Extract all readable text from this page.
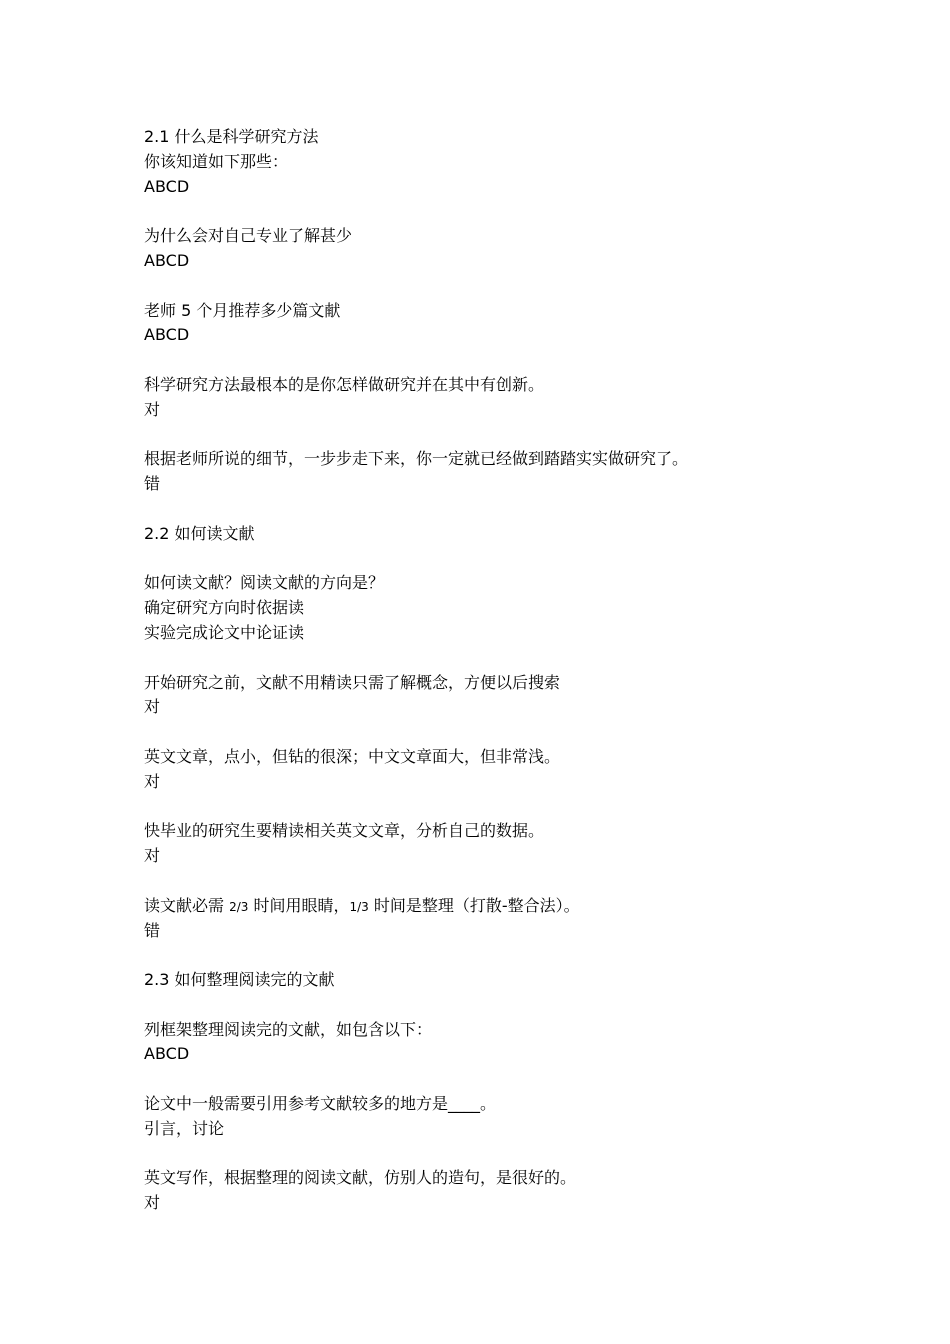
2.1 什么是科学研究方法
你该知道如下那些：
ABCD
为什么会对自己专业了解甚少
ABCD
老师 5 个月推荐多少篇文献
ABCD
科学研究方法最根本的是你怎样做研究并在其中有创新。
对
根据老师所说的细节，一步步走下来，你一定就已经做到踏踏实实做研究了。
错
2.2 如何读文献
如何读文献？阅读文献的方向是？
确定研究方向时依据读
实验完成论文中论证读
开始研究之前，文献不用精读只需了解概念，方便以后搜索
对
英文文章，点小，但钻的很深；中文文章面大，但非常浅。
对
快毕业的研究生要精读相关英文文章，分析自己的数据。
对
读文献必需 2/3 时间用眼睛，1/3 时间是整理（打散-整合法）。
错
2.3 如何整理阅读完的文献
列框架整理阅读完的文献，如包含以下：
ABCD
论文中一般需要引用参考文献较多的地方是____。
引言，讨论
英文写作，根据整理的阅读文献，仿别人的造句，是很好的。
对
